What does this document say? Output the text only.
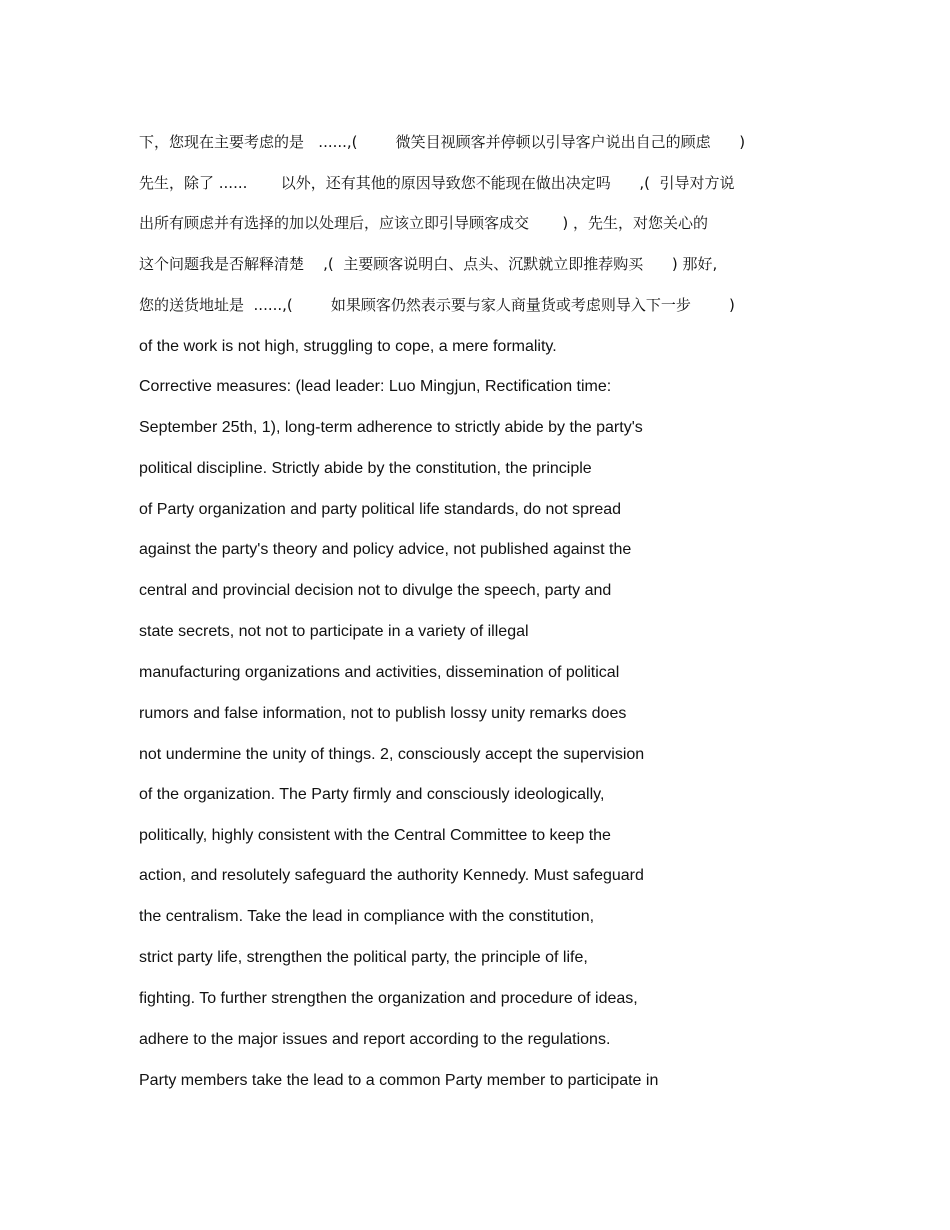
下，您现在主要考虑的是   ......,(        微笑目视顾客并停顿以引导客户说出自己的顾虑      )
先生，除了 ......       以外，还有其他的原因导致您不能现在做出决定吗      ,(  引导对方说
出所有顾虑并有选择的加以处理后，应该立即引导顾客成交       ) ，先生，对您关心的
这个问题我是否解释清楚    ,(  主要顾客说明白、点头、沉默就立即推荐购买      ) 那好,
您的送货地址是  ......,(        如果顾客仍然表示要与家人商量货或考虑则导入下一步        )
of the work is not high, struggling to cope, a mere formality.
Corrective measures: (lead leader: Luo Mingjun, Rectification time:
September 25th, 1), long-term adherence to strictly abide by the party's
political discipline. Strictly abide by the constitution, the principle
of Party organization and party political life standards, do not spread
against the party's theory and policy advice, not published against the
central and provincial decision not to divulge the speech, party and
state secrets, not not to participate in a variety of illegal
manufacturing organizations and activities, dissemination of political
rumors and false information, not to publish lossy unity remarks does
not undermine the unity of things. 2, consciously accept the supervision
of the organization. The Party firmly and consciously ideologically,
politically, highly consistent with the Central Committee to keep the
action, and resolutely safeguard the authority Kennedy. Must safeguard
the centralism. Take the lead in compliance with the constitution,
strict party life, strengthen the political party, the principle of life,
fighting. To further strengthen the organization and procedure of ideas,
adhere to the major issues and report according to the regulations.
Party members take the lead to a common Party member to participate in
